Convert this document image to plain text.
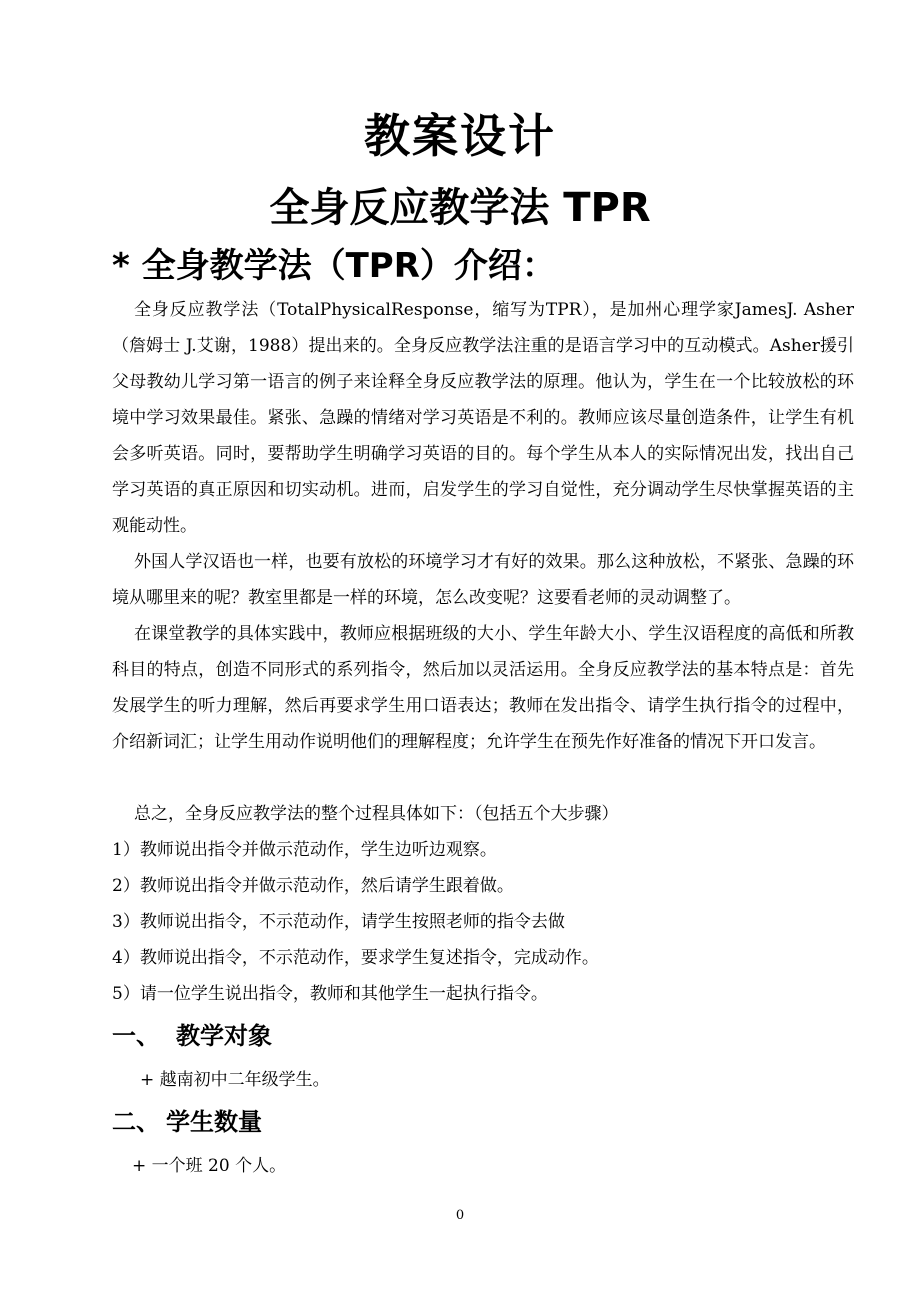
教案设计
全身反应教学法 TPR
* 全身教学法（TPR）介绍：

全身反应教学法（TotalPhysicalResponse，缩写为TPR），是加州心理学家JamesJ. Asher（詹姆士 J.艾谢，1988）提出来的。全身反应教学法注重的是语言学习中的互动模式。Asher援引父母教幼儿学习第一语言的例子来诠释全身反应教学法的原理。他认为，学生在一个比较放松的环境中学习效果最佳。紧张、急躁的情绪对学习英语是不利的。教师应该尽量创造条件，让学生有机会多听英语。同时，要帮助学生明确学习英语的目的。每个学生从本人的实际情况出发，找出自己学习英语的真正原因和切实动机。进而，启发学生的学习自觉性，充分调动学生尽快掌握英语的主观能动性。

外国人学汉语也一样，也要有放松的环境学习才有好的效果。那么这种放松，不紧张、急躁的环境从哪里来的呢？教室里都是一样的环境，怎么改变呢？这要看老师的灵动调整了。

在课堂教学的具体实践中，教师应根据班级的大小、学生年龄大小、学生汉语程度的高低和所教科目的特点，创造不同形式的系列指令，然后加以灵活运用。全身反应教学法的基本特点是：首先发展学生的听力理解，然后再要求学生用口语表达；教师在发出指令、请学生执行指令的过程中，介绍新词汇；让学生用动作说明他们的理解程度；允许学生在预先作好准备的情况下开口发言。

总之，全身反应教学法的整个过程具体如下：（包括五个大步骤）

1）教师说出指令并做示范动作，学生边听边观察。
2）教师说出指令并做示范动作，然后请学生跟着做。
3）教师说出指令，不示范动作，请学生按照老师的指令去做
4）教师说出指令，不示范动作，要求学生复述指令，完成动作。
5）请一位学生说出指令，教师和其他学生一起执行指令。
一、 教学对象
+ 越南初中二年级学生。
二、 学生数量
+ 一个班 20 个人。
0
